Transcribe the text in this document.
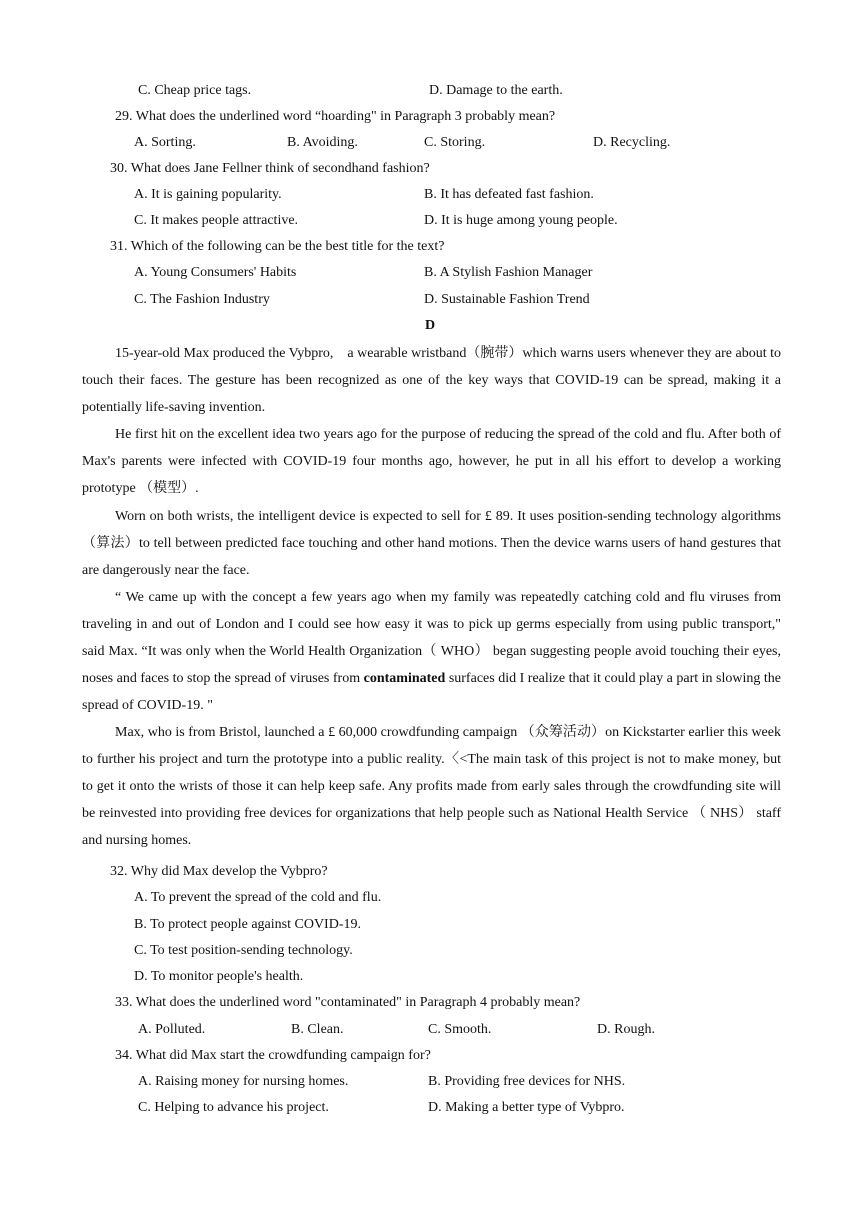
C. Cheap price tags.	D. Damage to the earth.
29. What does the underlined word “hoarding" in Paragraph 3 probably mean?
A. Sorting.	B. Avoiding.	C. Storing.	D. Recycling.
30. What does Jane Fellner think of secondhand fashion?
A. It is gaining popularity.	B. It has defeated fast fashion.
C. It makes people attractive.	D. It is huge among young people.
31. Which of the following can be the best title for the text?
A. Young Consumers' Habits	B. A Stylish Fashion Manager
C. The Fashion Industry	D. Sustainable Fashion Trend
D
15-year-old Max produced the Vybpro,　a wearable wristband（腕带）which warns users whenever they are about to touch their faces. The gesture has been recognized as one of the key ways that COVID-19 can be spread, making it a potentially life-saving invention.
He first hit on the excellent idea two years ago for the purpose of reducing the spread of the cold and flu. After both of Max's parents were infected with COVID-19 four months ago, however, he put in all his effort to develop a working prototype （模型）.
Worn on both wrists, the intelligent device is expected to sell for £ 89. It uses position-sending technology algorithms（算法）to tell between predicted face touching and other hand motions. Then the device warns users of hand gestures that are dangerously near the face.
“ We came up with the concept a few years ago when my family was repeatedly catching cold and flu viruses from traveling in and out of London and I could see how easy it was to pick up germs especially from using public transport," said Max. “It was only when the World Health Organization（ WHO） began suggesting people avoid touching their eyes, noses and faces to stop the spread of viruses from contaminated surfaces did I realize that it could play a part in slowing the spread of COVID-19. "
Max, who is from Bristol, launched a £ 60,000 crowdfunding campaign （众筹活动）on Kickstarter earlier this week to further his project and turn the prototype into a public reality.〈<The main task of this project is not to make money, but to get it onto the wrists of those it can help keep safe. Any profits made from early sales through the crowdfunding site will be reinvested into providing free devices for organizations that help people such as National Health Service （ NHS） staff and nursing homes.
32. Why did Max develop the Vybpro?
A. To prevent the spread of the cold and flu.
B. To protect people against COVID-19.
C. To test position-sending technology.
D. To monitor people's health.
33. What does the underlined word "contaminated" in Paragraph 4 probably mean?
A. Polluted.	B. Clean.	C. Smooth.	D. Rough.
34. What did Max start the crowdfunding campaign for?
A. Raising money for nursing homes.	B. Providing free devices for NHS.
C. Helping to advance his project.	D. Making a better type of Vybpro.
